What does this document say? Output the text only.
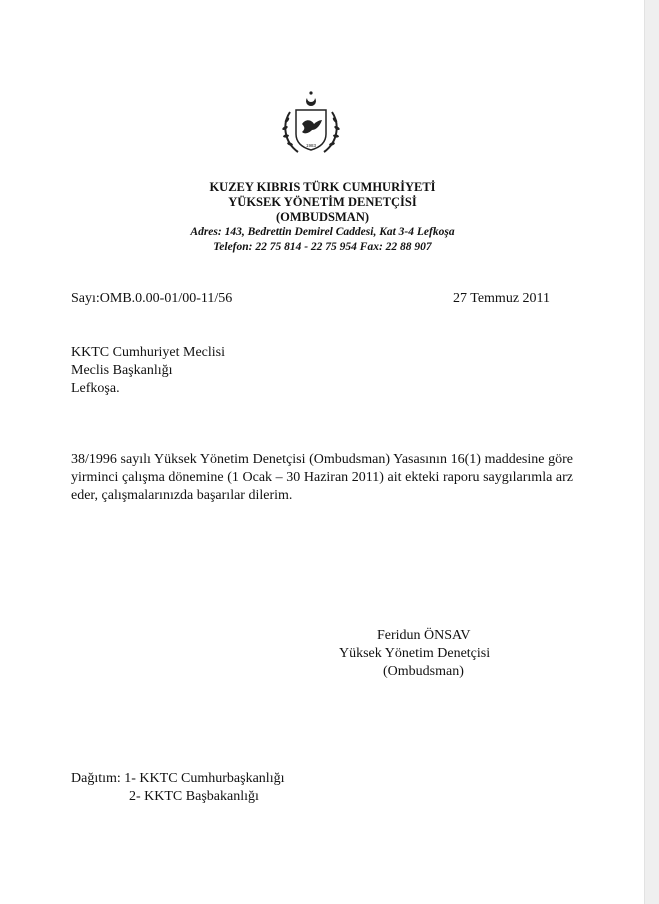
1983
KUZEY KIBRIS TÜRK CUMHURİYETİ
YÜKSEK YÖNETİM DENETÇİSİ
(OMBUDSMAN)
Adres: 143, Bedrettin Demirel Caddesi, Kat 3-4 Lefkoşa
Telefon: 22 75 814 - 22 75 954 Fax: 22 88 907
Sayı:OMB.0.00-01/00-11/56	27 Temmuz 2011
KKTC Cumhuriyet Meclisi
Meclis Başkanlığı
Lefkoşa.
38/1996 sayılı Yüksek Yönetim Denetçisi (Ombudsman) Yasasının 16(1) maddesine göre yirminci çalışma dönemine (1 Ocak – 30 Haziran 2011) ait ekteki raporu saygılarımla arz eder, çalışmalarınızda başarılar dilerim.
Feridun ÖNSAV
Yüksek Yönetim Denetçisi
(Ombudsman)
Dağıtım: 1- KKTC Cumhurbaşkanlığı
2- KKTC Başbakanlığı
